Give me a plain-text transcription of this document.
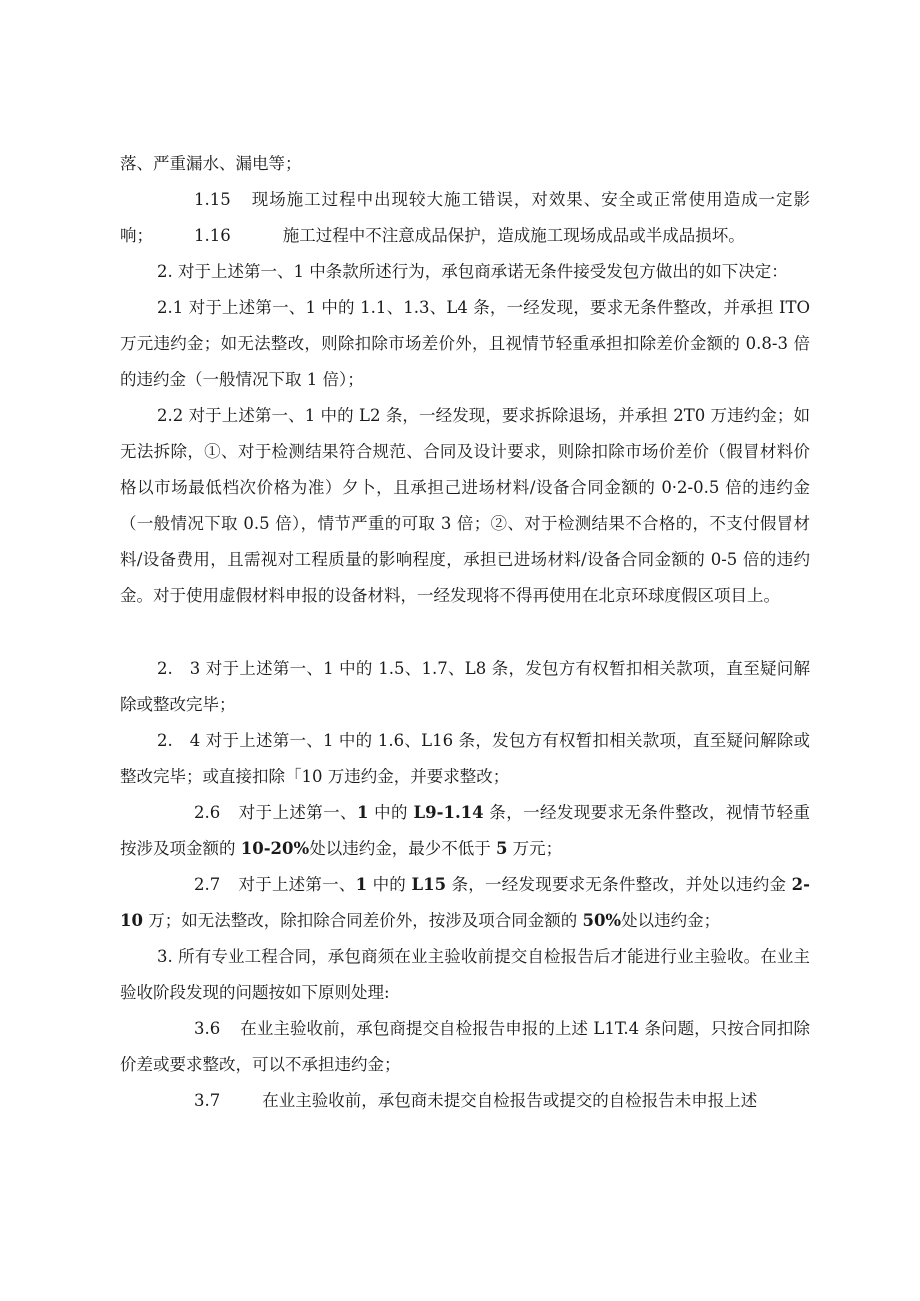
落、严重漏水、漏电等；

1.15 现场施工过程中出现较大施工错误，对效果、安全或正常使用造成一定影响；	1.16	施工过程中不注意成品保护，造成施工现场成品或半成品损坏。

2. 对于上述第一、1 中条款所述行为，承包商承诺无条件接受发包方做出的如下决定：

2.1 对于上述第一、1 中的 1.1、1.3、L4 条，一经发现，要求无条件整改，并承担 ITO 万元违约金；如无法整改，则除扣除市场差价外，且视情节轻重承担扣除差价金额的 0.8-3 倍的违约金（一般情况下取 1 倍）；

2.2 对于上述第一、1 中的 L2 条，一经发现，要求拆除退场，并承担 2T0 万违约金；如无法拆除，①、对于检测结果符合规范、合同及设计要求，则除扣除市场价差价（假冒材料价格以市场最低档次价格为准）夕卜，且承担己进场材料/设备合同金额的 0·2-0.5 倍的违约金（一般情况下取 0.5 倍），情节严重的可取 3 倍；②、对于检测结果不合格的，不支付假冒材料/设备费用，且需视对工程质量的影响程度，承担已进场材料/设备合同金额的 0-5 倍的违约金。对于使用虚假材料申报的设备材料，一经发现将不得再使用在北京环球度假区项目上。

2.　3 对于上述第一、1 中的 1.5、1.7、L8 条，发包方有权暂扣相关款项，直至疑问解除或整改完毕；

2.　4 对于上述第一、1 中的 1.6、L16 条，发包方有权暂扣相关款项，直至疑问解除或整改完毕；或直接扣除「10 万违约金，并要求整改；

2.6 对于上述第一、1 中的 L9-1.14 条，一经发现要求无条件整改，视情节轻重按涉及项金额的 10-20%处以违约金，最少不低于 5 万元；

2.7 对于上述第一、1 中的 L15 条，一经发现要求无条件整改，并处以违约金 2-10 万；如无法整改，除扣除合同差价外，按涉及项合同金额的 50%处以违约金；

3. 所有专业工程合同，承包商须在业主验收前提交自检报告后才能进行业主验收。在业主验收阶段发现的问题按如下原则处理:

3.6 在业主验收前，承包商提交自检报告申报的上述 L1T.4 条问题，只按合同扣除价差或要求整改，可以不承担违约金；

3.7	在业主验收前，承包商未提交自检报告或提交的自检报告未申报上述
